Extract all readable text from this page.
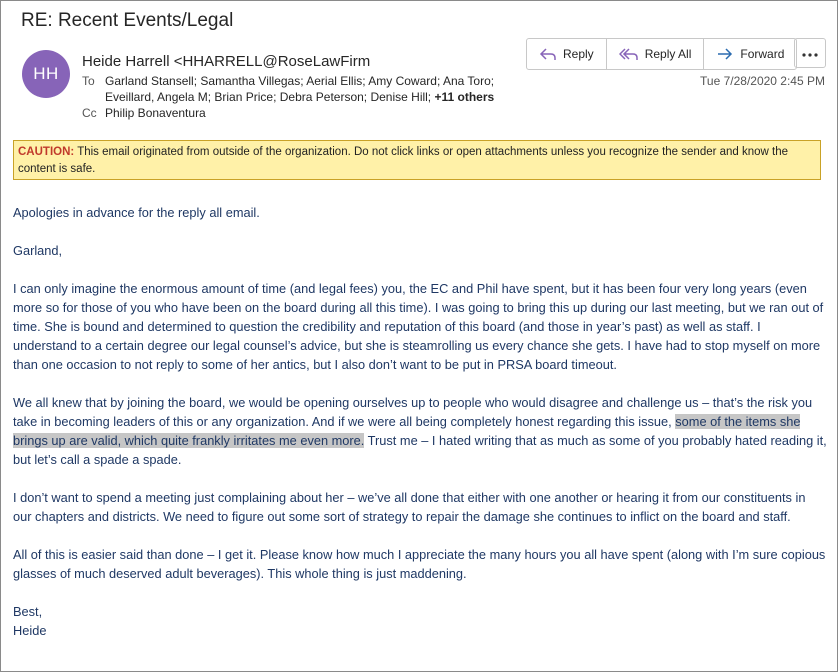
RE: Recent Events/Legal
HH
Heide Harrell <HHARRELL@RoseLawFirm
To Garland Stansell; Samantha Villegas; Aerial Ellis; Amy Coward; Ana Toro;
Eveillard, Angela M; Brian Price; Debra Peterson; Denise Hill; +11 others
Cc Philip Bonaventura
Reply	Reply All	Forward
Tue 7/28/2020 2:45 PM
CAUTION: This email originated from outside of the organization. Do not click links or open attachments unless you recognize the sender and know the content is safe.

Apologies in advance for the reply all email.

Garland,

I can only imagine the enormous amount of time (and legal fees) you, the EC and Phil have spent, but it has been four very long years (even more so for those of you who have been on the board during all this time). I was going to bring this up during our last meeting, but we ran out of time. She is bound and determined to question the credibility and reputation of this board (and those in year’s past) as well as staff. I understand to a certain degree our legal counsel’s advice, but she is steamrolling us every chance she gets. I have had to stop myself on more than one occasion to not reply to some of her antics, but I also don’t want to be put in PRSA board timeout.

We all knew that by joining the board, we would be opening ourselves up to people who would disagree and challenge us – that’s the risk you take in becoming leaders of this or any organization. And if we were all being completely honest regarding this issue, some of the items she brings up are valid, which quite frankly irritates me even more. Trust me – I hated writing that as much as some of you probably hated reading it, but let’s call a spade a spade.

I don’t want to spend a meeting just complaining about her – we’ve all done that either with one another or hearing it from our constituents in our chapters and districts. We need to figure out some sort of strategy to repair the damage she continues to inflict on the board and staff.

All of this is easier said than done – I get it. Please know how much I appreciate the many hours you all have spent (along with I’m sure copious glasses of much deserved adult beverages). This whole thing is just maddening.

Best,
Heide
